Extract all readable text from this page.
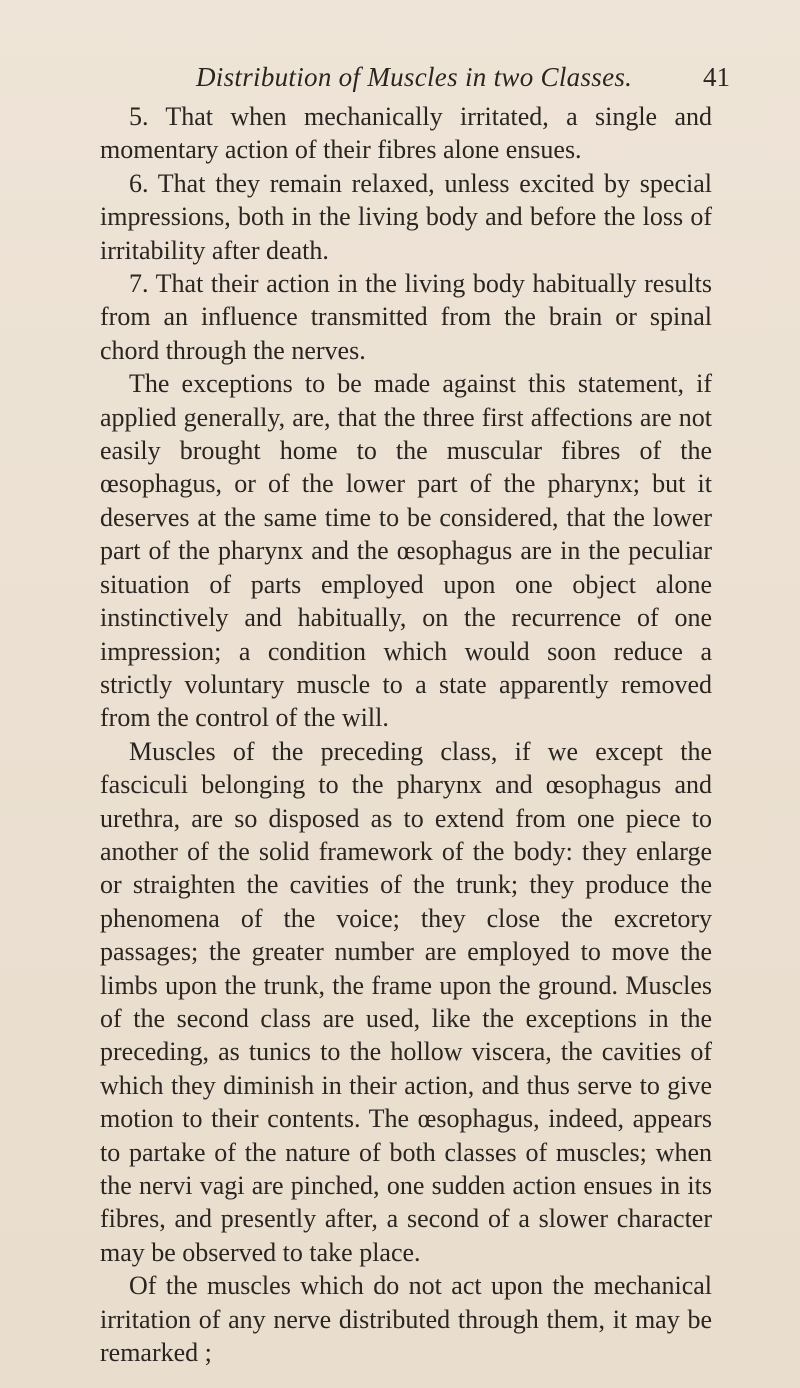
Distribution of Muscles in two Classes.	41

5. That when mechanically irritated, a single and momentary action of their fibres alone ensues.

6. That they remain relaxed, unless excited by special impressions, both in the living body and before the loss of irritability after death.

7. That their action in the living body habitually results from an influence transmitted from the brain or spinal chord through the nerves.

The exceptions to be made against this statement, if applied generally, are, that the three first affections are not easily brought home to the muscular fibres of the œsophagus, or of the lower part of the pharynx; but it deserves at the same time to be considered, that the lower part of the pharynx and the œsophagus are in the peculiar situation of parts employed upon one object alone instinctively and habitually, on the recurrence of one impression; a condition which would soon reduce a strictly voluntary muscle to a state apparently removed from the control of the will.

Muscles of the preceding class, if we except the fasciculi belonging to the pharynx and œsophagus and urethra, are so disposed as to extend from one piece to another of the solid framework of the body: they enlarge or straighten the cavities of the trunk; they produce the phenomena of the voice; they close the excretory passages; the greater number are employed to move the limbs upon the trunk, the frame upon the ground. Muscles of the second class are used, like the exceptions in the preceding, as tunics to the hollow viscera, the cavities of which they diminish in their action, and thus serve to give motion to their contents. The œsophagus, indeed, appears to partake of the nature of both classes of muscles; when the nervi vagi are pinched, one sudden action ensues in its fibres, and presently after, a second of a slower character may be observed to take place.

Of the muscles which do not act upon the mechanical irritation of any nerve distributed through them, it may be remarked ;
